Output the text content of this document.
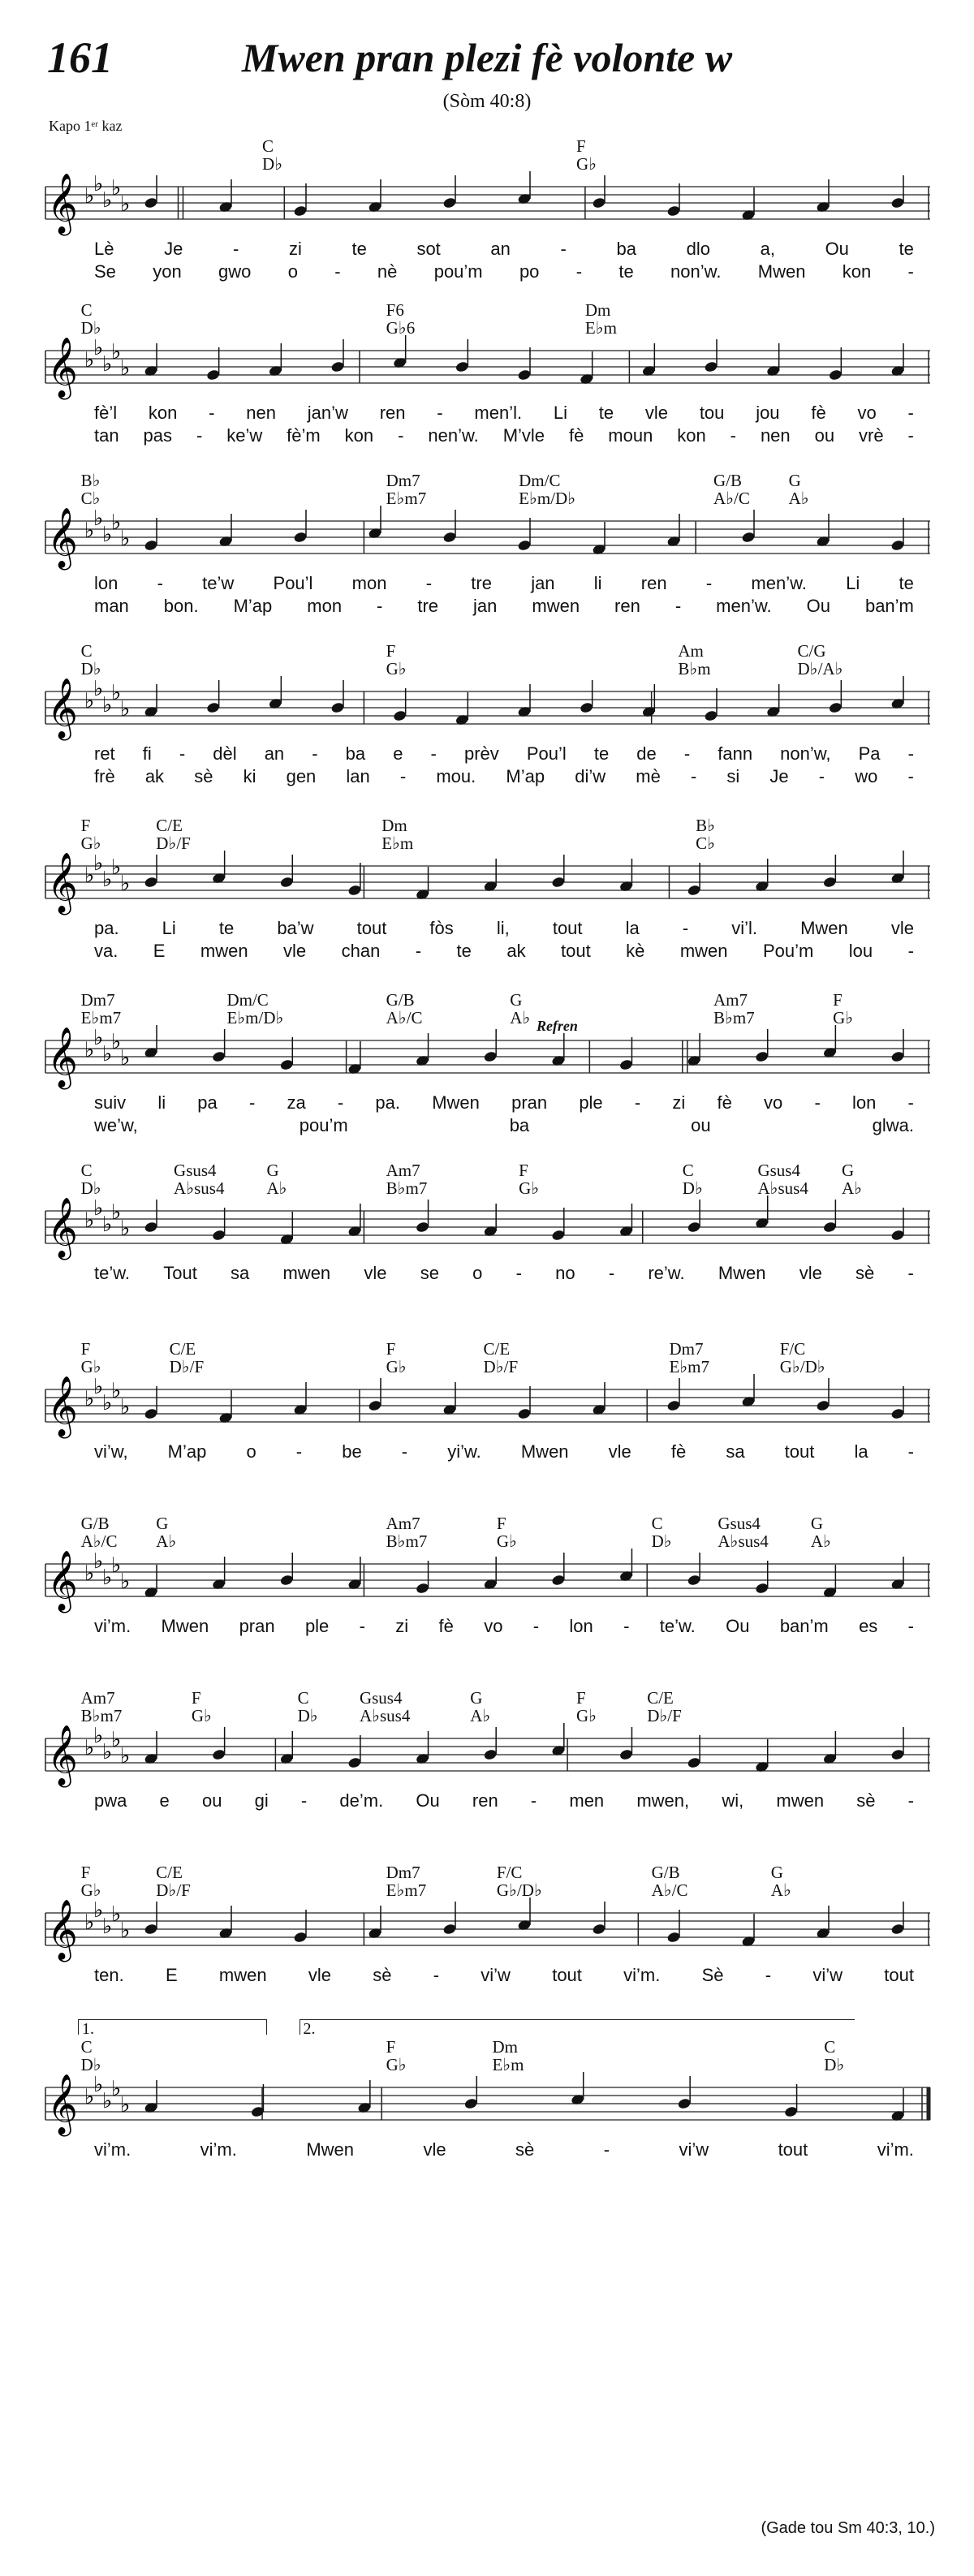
161	Mwen pran plezi fè volonte w
(Sòm 40:8)
Kapo 1ᵉʳ kaz
𝄞 ♭
♭
♭
♭
♭
C	F
D♭	G♭
Lè	Je	-	zi	te	sot	an	-	ba	dlo	a,	Ou	te
Se yon gwo o - nè pou’m po - te non’w. Mwen kon -
𝄞 ♭
♭
♭
♭
♭
C	F6	Dm
D♭	G♭6	E♭m
fè’l kon - nen jan’w ren - men’l. Li te vle tou jou fè vo -
tan pas - ke’w fè’m kon - nen’w. M’vle fè moun kon - nen ou vrè -
𝄞 ♭
♭
♭
♭
♭
B♭	Dm7	Dm/C	G/B	G
C♭	E♭m7	E♭m/D♭	A♭/C A♭
lon - te’w Pou’l mon - tre jan li ren - men’w. Li te
man bon. M’ap mon - tre jan mwen ren - men’w. Ou ban’m
𝄞 ♭
♭
♭
♭
♭
C	F	Am	C/G
D♭	G♭	B♭m	D♭/A♭
ret fi - dèl an - ba e - prèv Pou’l te de - fann non’w, Pa -
frè ak sè ki gen lan - mou. M’ap di’w mè - si Je - wo -
𝄞 ♭
♭
♭
♭
♭
F	C/E	Dm	B♭
G♭	D♭/F	E♭m	C♭
pa. Li te ba’w tout fòs li, tout la - vi’l. Mwen vle
va. E mwen vle chan - te ak tout kè mwen Pou’m lou -
𝄞 ♭
♭
♭
♭
♭
Dm7	Dm/C	G/B	G	Am7	F
E♭m7	E♭m/D♭	A♭/C	A♭	B♭m7	G♭
Refren
suiv li pa - za - pa. Mwen pran ple - zi fè vo - lon -
we’w,	pou’m	ba	ou	glwa.
𝄞 ♭
♭
♭
♭
♭
C	Gsus4	G	Am7	F	C	Gsus4 G
D♭	A♭sus4 A♭	B♭m7	G♭	D♭	A♭sus4 A♭
te’w. Tout sa mwen vle se o - no - re’w. Mwen vle sè -
𝄞 ♭
♭
♭
♭
♭
F	C/E	F	C/E	Dm7	F/C
G♭	D♭/F	G♭	D♭/F	E♭m7	G♭/D♭
vi’w, M’ap o - be - yi’w. Mwen vle fè sa tout la -
𝄞 ♭
♭
♭
♭
♭
G/B	G	Am7	F	C	Gsus4	G
A♭/C A♭	B♭m7	G♭	D♭	A♭sus4 A♭
vi’m. Mwen pran ple - zi fè vo - lon - te’w. Ou ban’m es -
𝄞 ♭
♭
♭
♭
♭
Am7	F	C	Gsus4	G	F	C/E
B♭m7	G♭	D♭ A♭sus4	A♭	G♭	D♭/F
pwa e ou gi - de’m. Ou ren - men mwen, wi, mwen sè -
𝄞 ♭
♭
♭
♭
♭
F	C/E	Dm7	F/C	G/B	G
G♭	D♭/F	E♭m7	G♭/D♭	A♭/C	A♭
ten. E mwen vle sè - vi’w tout vi’m. Sè - vi’w tout
𝄞 ♭
♭
♭
♭
♭
C	F	Dm	C
D♭	G♭	E♭m	D♭
1.	2.
vi’m.	vi’m.	Mwen	vle	sè	-	vi’w	tout	vi’m.
(Gade tou Sm 40:3, 10.)
